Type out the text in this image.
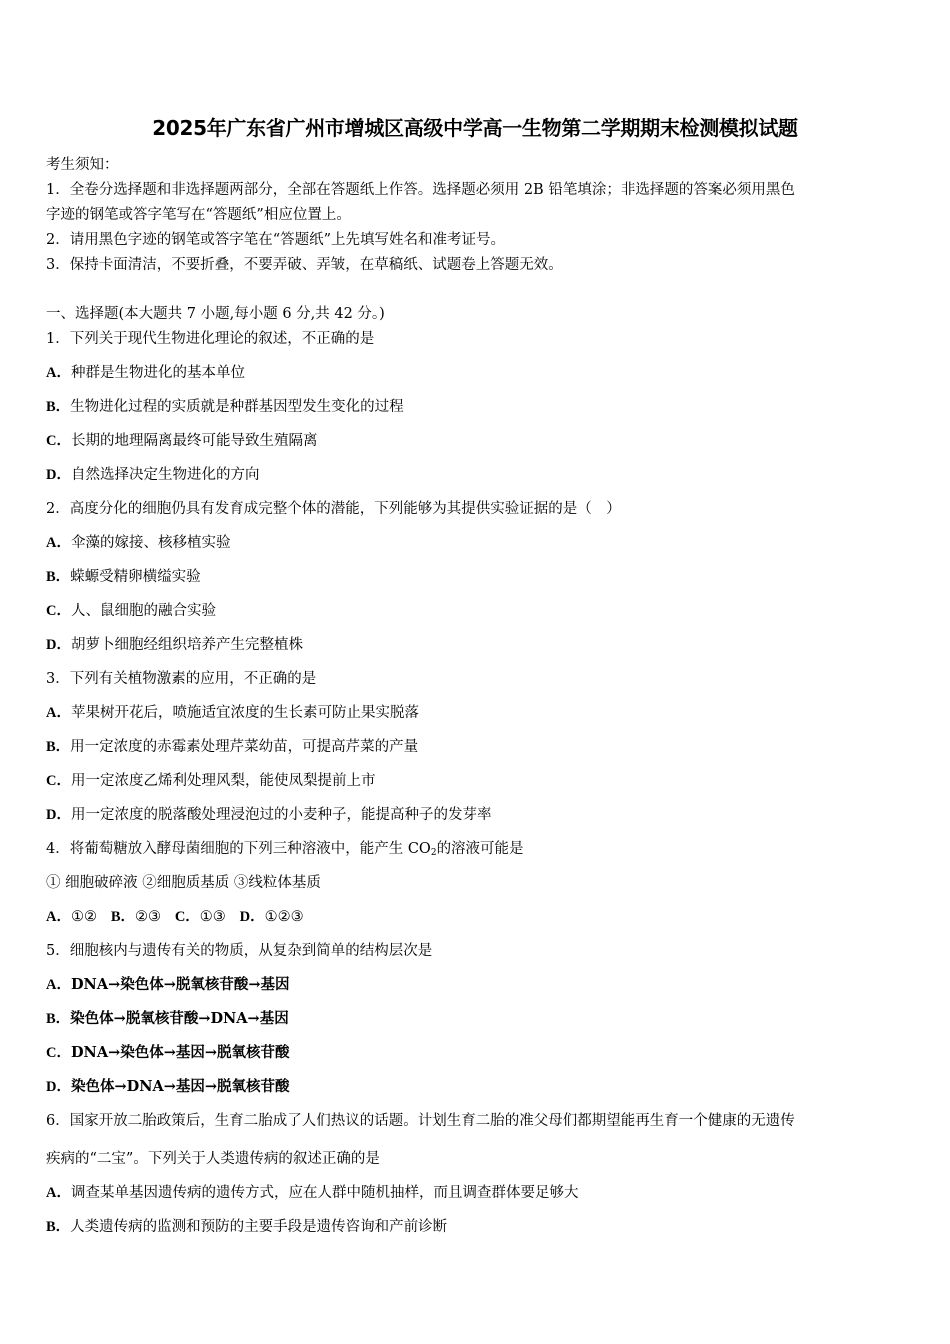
2025年广东省广州市增城区高级中学高一生物第二学期期末检测模拟试题
考生须知：
1．全卷分选择题和非选择题两部分，全部在答题纸上作答。选择题必须用 2B 铅笔填涂；非选择题的答案必须用黑色
字迹的钢笔或答字笔写在“答题纸”相应位置上。
2．请用黑色字迹的钢笔或答字笔在“答题纸”上先填写姓名和准考证号。
3．保持卡面清洁，不要折叠，不要弄破、弄皱，在草稿纸、试题卷上答题无效。
一、选择题(本大题共 7 小题,每小题 6 分,共 42 分。)
1．下列关于现代生物进化理论的叙述，不正确的是
A．种群是生物进化的基本单位
B．生物进化过程的实质就是种群基因型发生变化的过程
C．长期的地理隔离最终可能导致生殖隔离
D．自然选择决定生物进化的方向
2．高度分化的细胞仍具有发育成完整个体的潜能，下列能够为其提供实验证据的是（　）
A．伞藻的嫁接、核移植实验
B．蝾螈受精卵横缢实验
C．人、鼠细胞的融合实验
D．胡萝卜细胞经组织培养产生完整植株
3．下列有关植物激素的应用，不正确的是
A．苹果树开花后，喷施适宜浓度的生长素可防止果实脱落
B．用一定浓度的赤霉素处理芹菜幼苗，可提高芹菜的产量
C．用一定浓度乙烯利处理风梨，能使凤梨提前上市
D．用一定浓度的脱落酸处理浸泡过的小麦种子，能提高种子的发芽率
4．将葡萄糖放入酵母菌细胞的下列三种溶液中，能产生 $CO_2$的溶液可能是
① 细胞破碎液 ②细胞质基质 ③线粒体基质
A．①② B．②③ C．①③ D．①②③
5．细胞核内与遗传有关的物质，从复杂到简单的结构层次是
A．DNA→染色体→脱氧核苷酸→基因
B．染色体→脱氧核苷酸→DNA→基因
C．DNA→染色体→基因→脱氧核苷酸
D．染色体→DNA→基因→脱氧核苷酸
6．国家开放二胎政策后，生育二胎成了人们热议的话题。计划生育二胎的准父母们都期望能再生育一个健康的无遗传
疾病的“二宝”。下列关于人类遗传病的叙述正确的是
A．调查某单基因遗传病的遗传方式，应在人群中随机抽样，而且调查群体要足够大
B．人类遗传病的监测和预防的主要手段是遗传咨询和产前诊断
